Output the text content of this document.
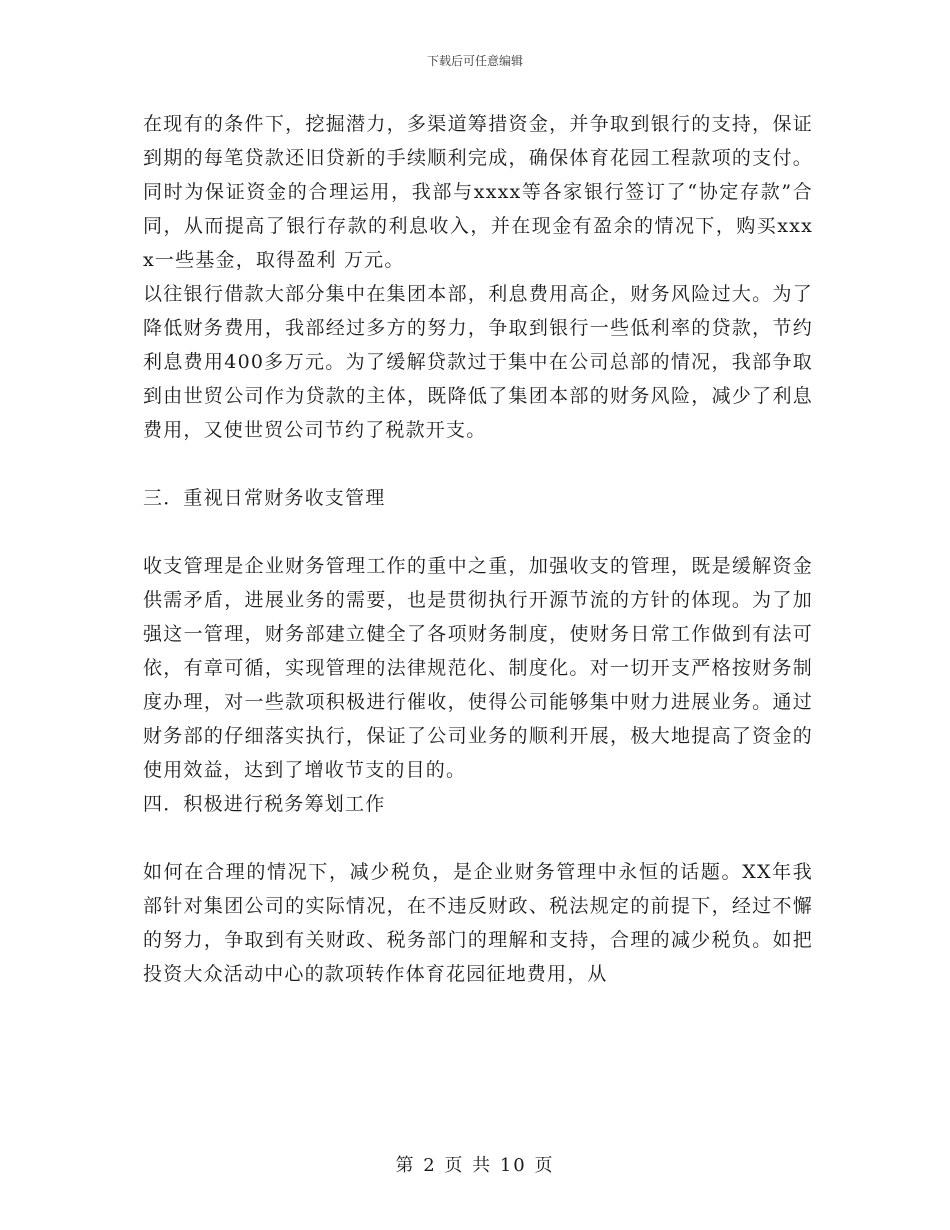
下载后可任意编辑

在现有的条件下，挖掘潜力，多渠道筹措资金，并争取到银行的支持，保证到期的每笔贷款还旧贷新的手续顺利完成，确保体育花园工程款项的支付。同时为保证资金的合理运用，我部与xxxx等各家银行签订了“协定存款”合同，从而提高了银行存款的利息收入，并在现金有盈余的情况下，购买xxxx一些基金，取得盈利 万元。

以往银行借款大部分集中在集团本部，利息费用高企，财务风险过大。为了降低财务费用，我部经过多方的努力，争取到银行一些低利率的贷款，节约利息费用400多万元。为了缓解贷款过于集中在公司总部的情况，我部争取到由世贸公司作为贷款的主体，既降低了集团本部的财务风险，减少了利息费用，又使世贸公司节约了税款开支。

三．重视日常财务收支管理

收支管理是企业财务管理工作的重中之重，加强收支的管理，既是缓解资金供需矛盾，进展业务的需要，也是贯彻执行开源节流的方针的体现。为了加强这一管理，财务部建立健全了各项财务制度，使财务日常工作做到有法可依，有章可循，实现管理的法律规范化、制度化。对一切开支严格按财务制度办理，对一些款项积极进行催收，使得公司能够集中财力进展业务。通过财务部的仔细落实执行，保证了公司业务的顺利开展，极大地提高了资金的使用效益，达到了增收节支的目的。

四．积极进行税务筹划工作

如何在合理的情况下，减少税负，是企业财务管理中永恒的话题。XX年我部针对集团公司的实际情况，在不违反财政、税法规定的前提下，经过不懈的努力，争取到有关财政、税务部门的理解和支持，合理的减少税负。如把投资大众活动中心的款项转作体育花园征地费用，从

第 2 页 共 10 页
